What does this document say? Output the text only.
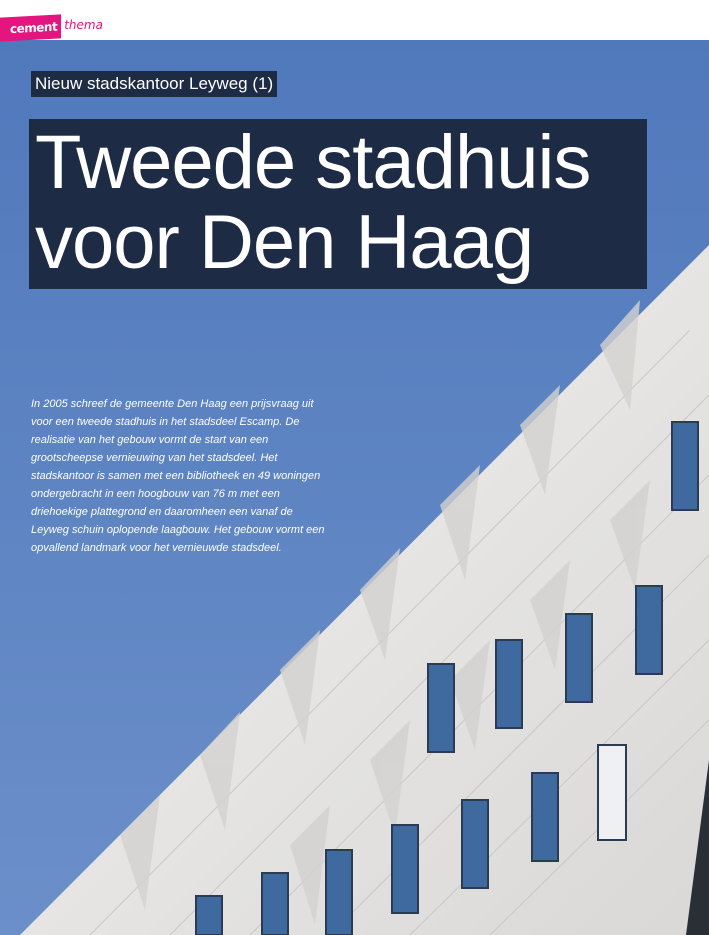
cement thema
Nieuw stadskantoor Leyweg (1)
Tweede stadhuis
voor Den Haag

In 2005 schreef de gemeente Den Haag een prijsvraag uit voor een tweede stadhuis in het stadsdeel Escamp. De realisatie van het gebouw vormt de start van een grootscheepse vernieuwing van het stadsdeel. Het stadskantoor is samen met een bibliotheek en 49 woningen ondergebracht in een hoogbouw van 76 m met een driehoekige plattegrond en daaromheen een vanaf de Leyweg schuin oplopende laagbouw. Het gebouw vormt een opvallend landmark voor het vernieuwde stadsdeel.
